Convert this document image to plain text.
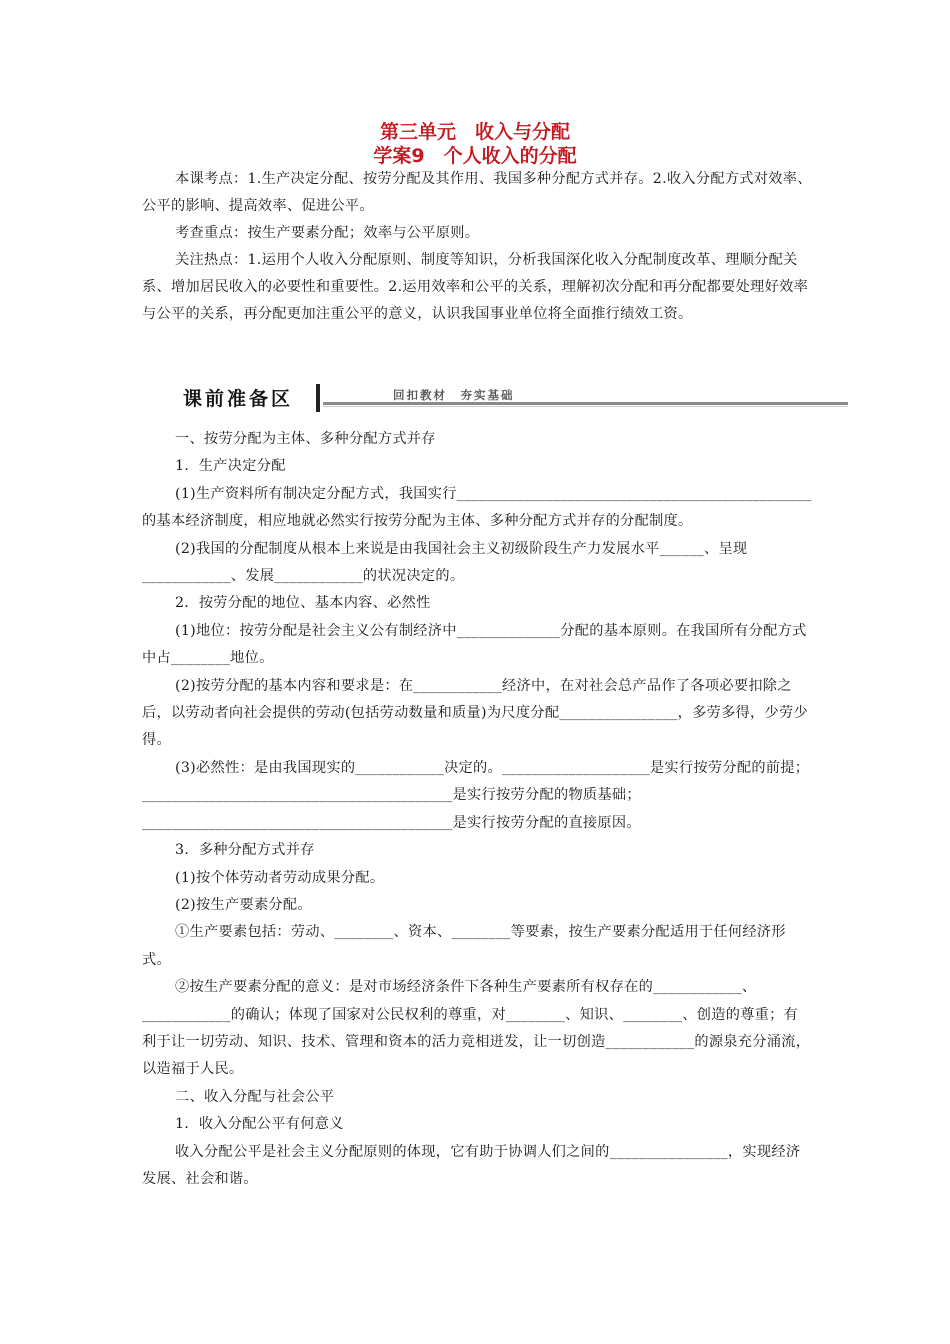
第三单元　收入与分配
学案9　个人收入的分配

本课考点：1.生产决定分配、按劳分配及其作用、我国多种分配方式并存。2.收入分配方式对效率、公平的影响、提高效率、促进公平。

考查重点：按生产要素分配；效率与公平原则。

关注热点：1.运用个人收入分配原则、制度等知识，分析我国深化收入分配制度改革、理顺分配关系、增加居民收入的必要性和重要性。2.运用效率和公平的关系，理解初次分配和再分配都要处理好效率与公平的关系，再分配更加注重公平的意义，认识我国事业单位将全面推行绩效工资。

课前准备区	回扣教材　夯实基础

一、按劳分配为主体、多种分配方式并存

1．生产决定分配

(1)生产资料所有制决定分配方式，我国实行________________________________________________的基本经济制度，相应地就必然实行按劳分配为主体、多种分配方式并存的分配制度。

(2)我国的分配制度从根本上来说是由我国社会主义初级阶段生产力发展水平______、呈现____________、发展____________的状况决定的。

2．按劳分配的地位、基本内容、必然性

(1)地位：按劳分配是社会主义公有制经济中______________分配的基本原则。在我国所有分配方式中占________地位。

(2)按劳分配的基本内容和要求是：在____________经济中，在对社会总产品作了各项必要扣除之后，以劳动者向社会提供的劳动(包括劳动数量和质量)为尺度分配________________，多劳多得，少劳少得。

(3)必然性：是由我国现实的____________决定的。____________________是实行按劳分配的前提；__________________________________________是实行按劳分配的物质基础；__________________________________________是实行按劳分配的直接原因。

3．多种分配方式并存

(1)按个体劳动者劳动成果分配。

(2)按生产要素分配。

①生产要素包括：劳动、________、资本、________等要素，按生产要素分配适用于任何经济形式。

②按生产要素分配的意义：是对市场经济条件下各种生产要素所有权存在的____________、____________的确认；体现了国家对公民权利的尊重，对________、知识、________、创造的尊重；有利于让一切劳动、知识、技术、管理和资本的活力竞相迸发，让一切创造____________的源泉充分涌流，以造福于人民。

二、收入分配与社会公平

1．收入分配公平有何意义

收入分配公平是社会主义分配原则的体现，它有助于协调人们之间的________________，实现经济发展、社会和谐。
